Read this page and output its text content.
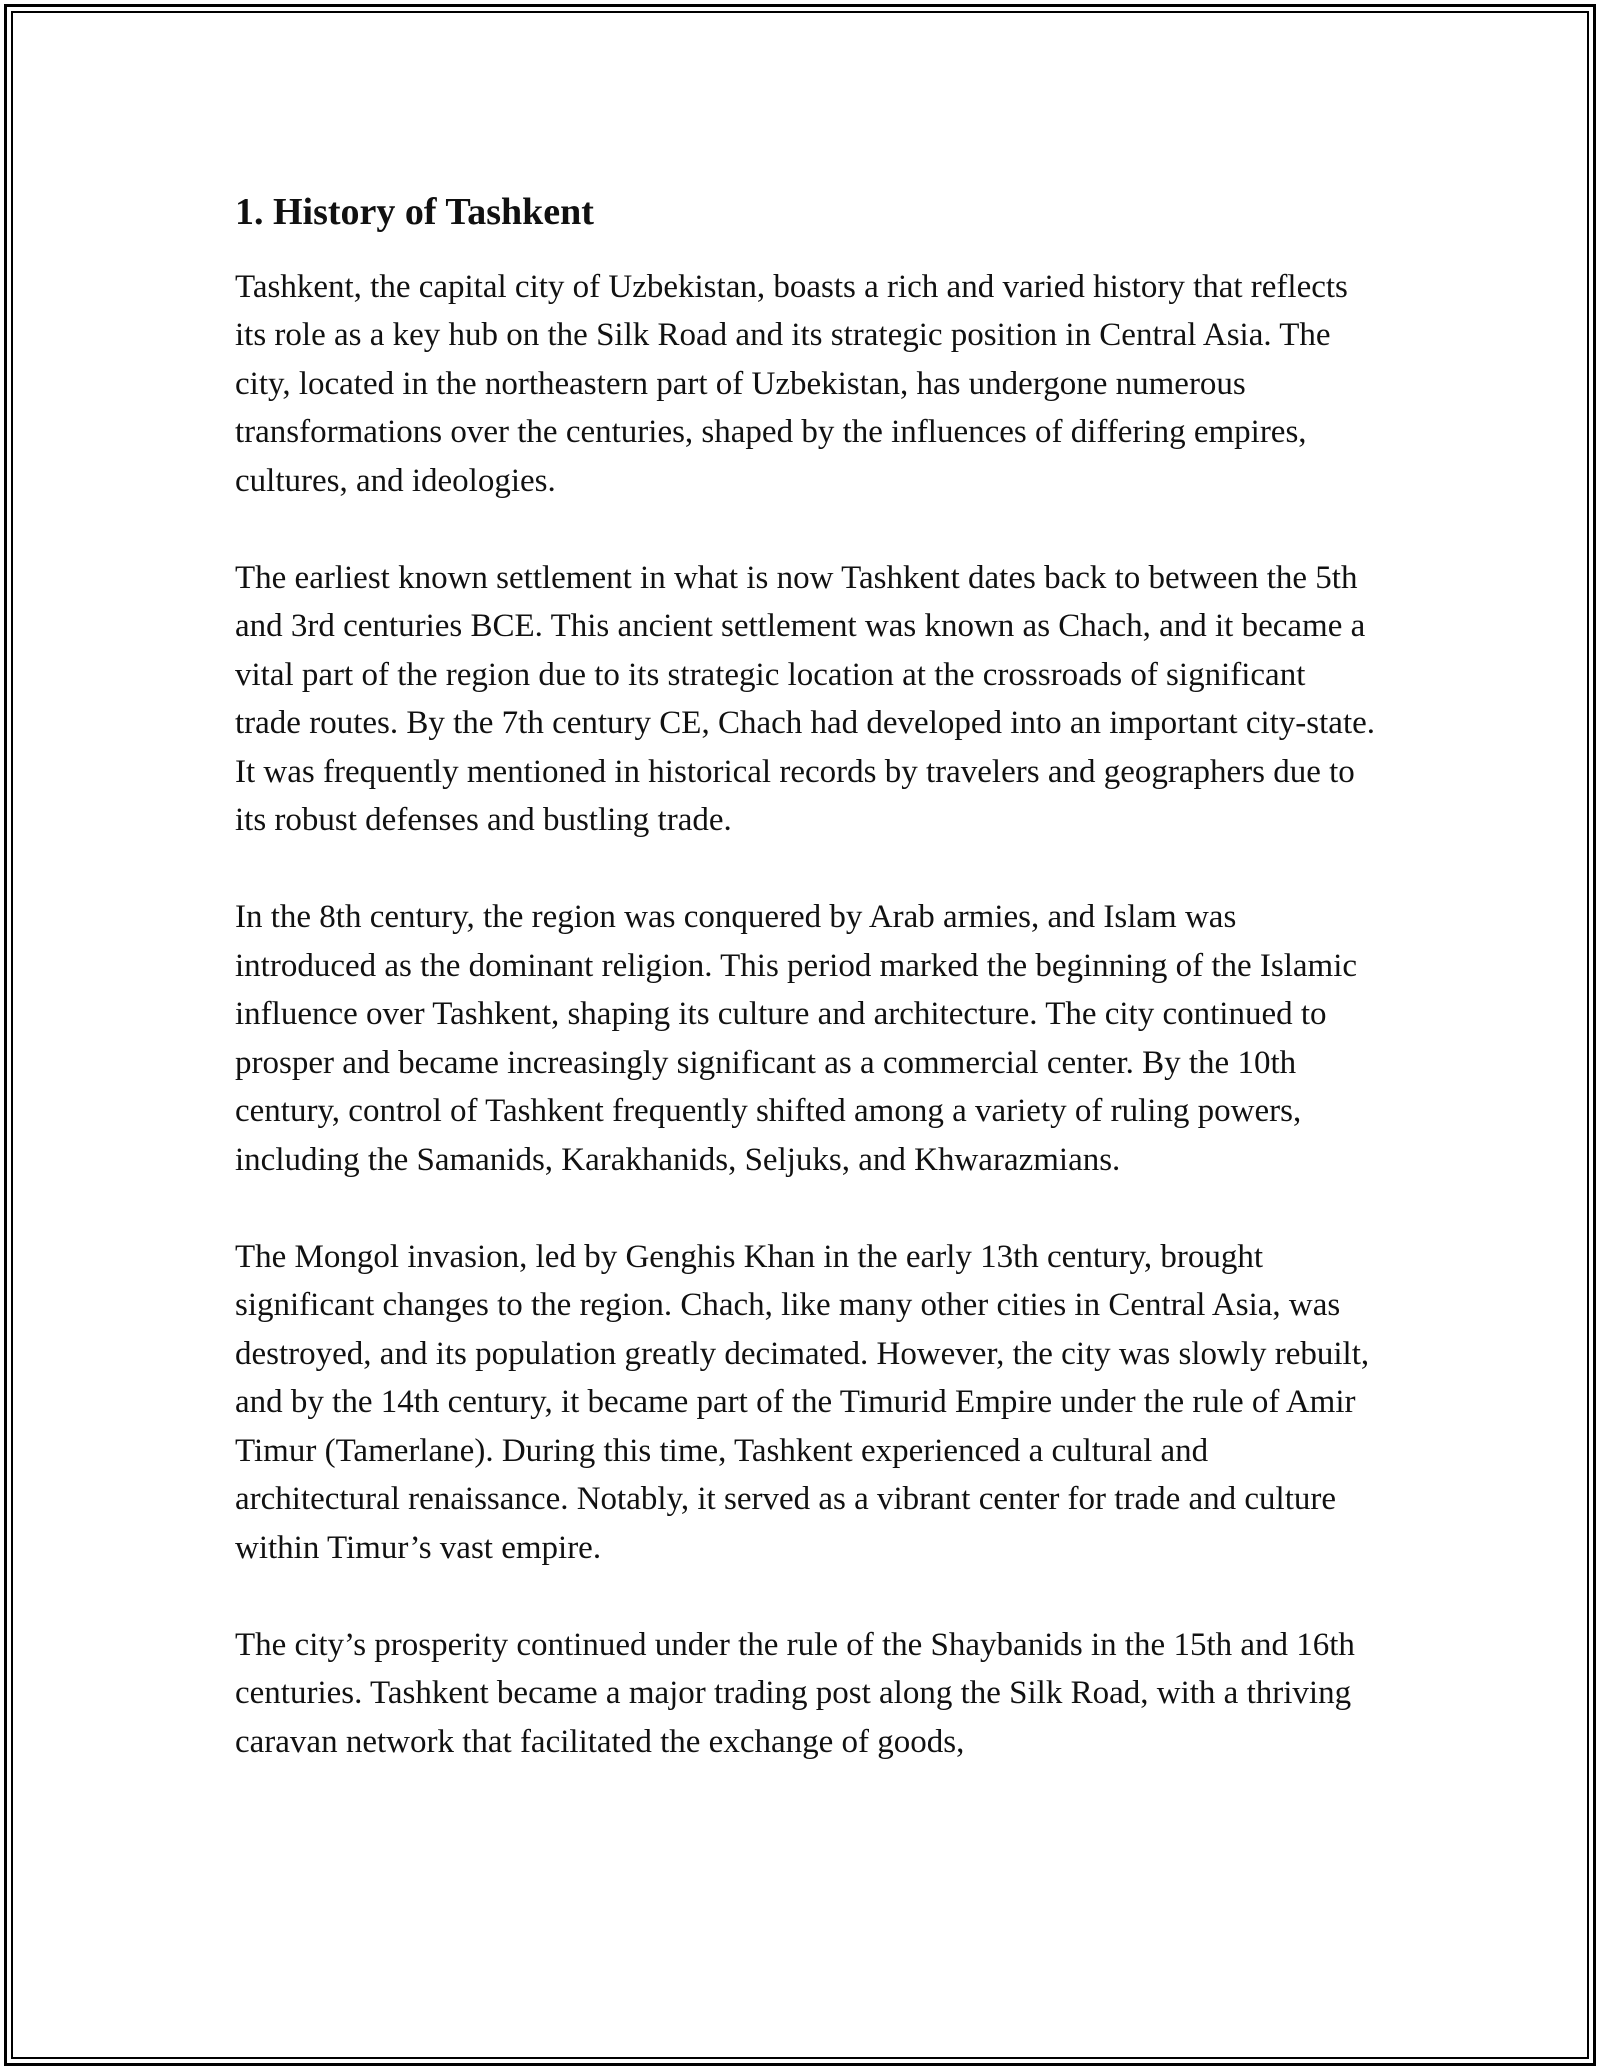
1. History of Tashkent

Tashkent, the capital city of Uzbekistan, boasts a rich and varied history that reflects its role as a key hub on the Silk Road and its strategic position in Central Asia. The city, located in the northeastern part of Uzbekistan, has undergone numerous transformations over the centuries, shaped by the influences of differing empires, cultures, and ideologies.

The earliest known settlement in what is now Tashkent dates back to between the 5th and 3rd centuries BCE. This ancient settlement was known as Chach, and it became a vital part of the region due to its strategic location at the crossroads of significant trade routes. By the 7th century CE, Chach had developed into an important city-state. It was frequently mentioned in historical records by travelers and geographers due to its robust defenses and bustling trade.

In the 8th century, the region was conquered by Arab armies, and Islam was introduced as the dominant religion. This period marked the beginning of the Islamic influence over Tashkent, shaping its culture and architecture. The city continued to prosper and became increasingly significant as a commercial center. By the 10th century, control of Tashkent frequently shifted among a variety of ruling powers, including the Samanids, Karakhanids, Seljuks, and Khwarazmians.

The Mongol invasion, led by Genghis Khan in the early 13th century, brought significant changes to the region. Chach, like many other cities in Central Asia, was destroyed, and its population greatly decimated. However, the city was slowly rebuilt, and by the 14th century, it became part of the Timurid Empire under the rule of Amir Timur (Tamerlane). During this time, Tashkent experienced a cultural and architectural renaissance. Notably, it served as a vibrant center for trade and culture within Timur’s vast empire.

The city’s prosperity continued under the rule of the Shaybanids in the 15th and 16th centuries. Tashkent became a major trading post along the Silk Road, with a thriving caravan network that facilitated the exchange of goods,
